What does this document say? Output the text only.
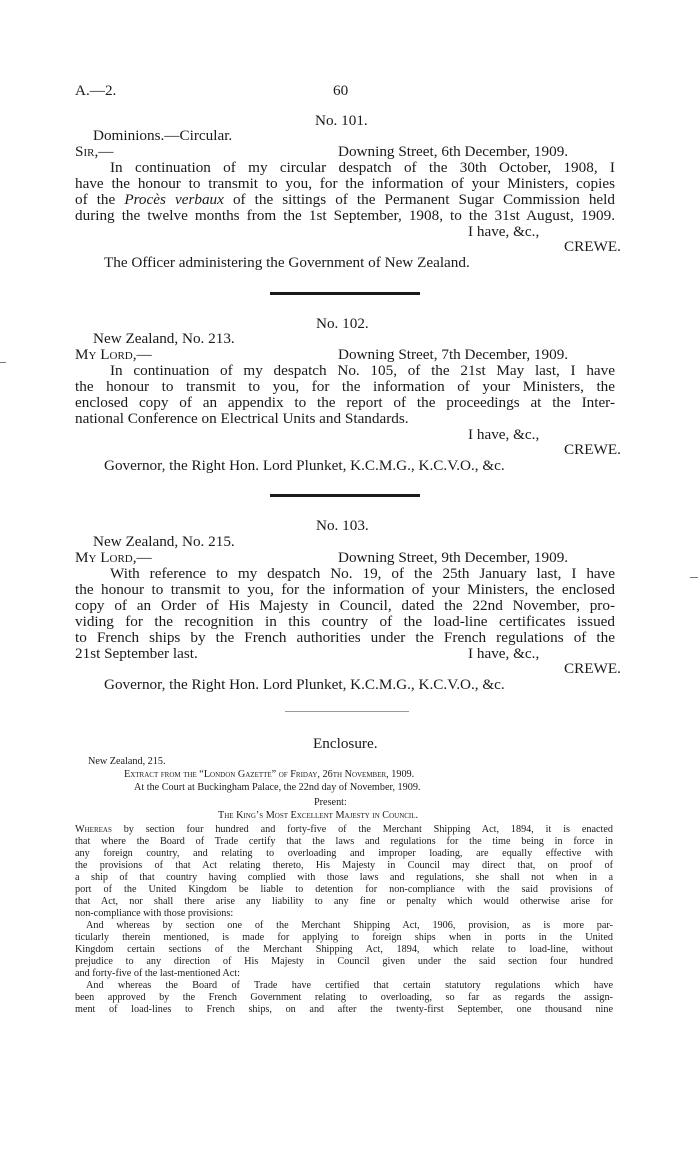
A.—2.	60
No. 101.
Dominions.—Circular.
Sir,—	Downing Street, 6th December, 1909.
In continuation of my circular despatch of the 30th October, 1908, I
have the honour to transmit to you, for the information of your Ministers, copies
of the Procès verbaux of the sittings of the Permanent Sugar Commission held
during the twelve months from the 1st September, 1908, to the 31st August, 1909.
I have, &c.,
CREWE.
The Officer administering the Government of New Zealand.
No. 102.
New Zealand, No. 213.
My Lord,—	Downing Street, 7th December, 1909.
In continuation of my despatch No. 105, of the 21st May last, I have
the honour to transmit to you, for the information of your Ministers, the
enclosed copy of an appendix to the report of the proceedings at the Inter-
national Conference on Electrical Units and Standards.
I have, &c.,
CREWE.
Governor, the Right Hon. Lord Plunket, K.C.M.G., K.C.V.O., &c.
No. 103.
New Zealand, No. 215.
My Lord,—	Downing Street, 9th December, 1909.
With reference to my despatch No. 19, of the 25th January last, I have
the honour to transmit to you, for the information of your Ministers, the enclosed
copy of an Order of His Majesty in Council, dated the 22nd November, pro-
viding for the recognition in this country of the load-line certificates issued
to French ships by the French authorities under the French regulations of the
21st September last.	I have, &c.,
CREWE.
Governor, the Right Hon. Lord Plunket, K.C.M.G., K.C.V.O., &c.
Enclosure.
New Zealand, 215.
Extract from the “London Gazette” of Friday, 26th November, 1909.
At the Court at Buckingham Palace, the 22nd day of November, 1909.
Present:
The King’s Most Excellent Majesty in Council.
Whereas by section four hundred and forty-five of the Merchant Shipping Act, 1894, it is enacted
that where the Board of Trade certify that the laws and regulations for the time being in force in
any foreign country, and relating to overloading and improper loading, are equally effective with
the provisions of that Act relating thereto, His Majesty in Council may direct that, on proof of
a ship of that country having complied with those laws and regulations, she shall not when in a
port of the United Kingdom be liable to detention for non-compliance with the said provisions of
that Act, nor shall there arise any liability to any fine or penalty which would otherwise arise for
non-compliance with those provisions:
And whereas by section one of the Merchant Shipping Act, 1906, provision, as is more par-
ticularly therein mentioned, is made for applying to foreign ships when in ports in the United
Kingdom certain sections of the Merchant Shipping Act, 1894, which relate to load-line, without
prejudice to any direction of His Majesty in Council given under the said section four hundred
and forty-five of the last-mentioned Act:
And whereas the Board of Trade have certified that certain statutory regulations which have
been approved by the French Government relating to overloading, so far as regards the assign-
ment of load-lines to French ships, on and after the twenty-first September, one thousand nine
